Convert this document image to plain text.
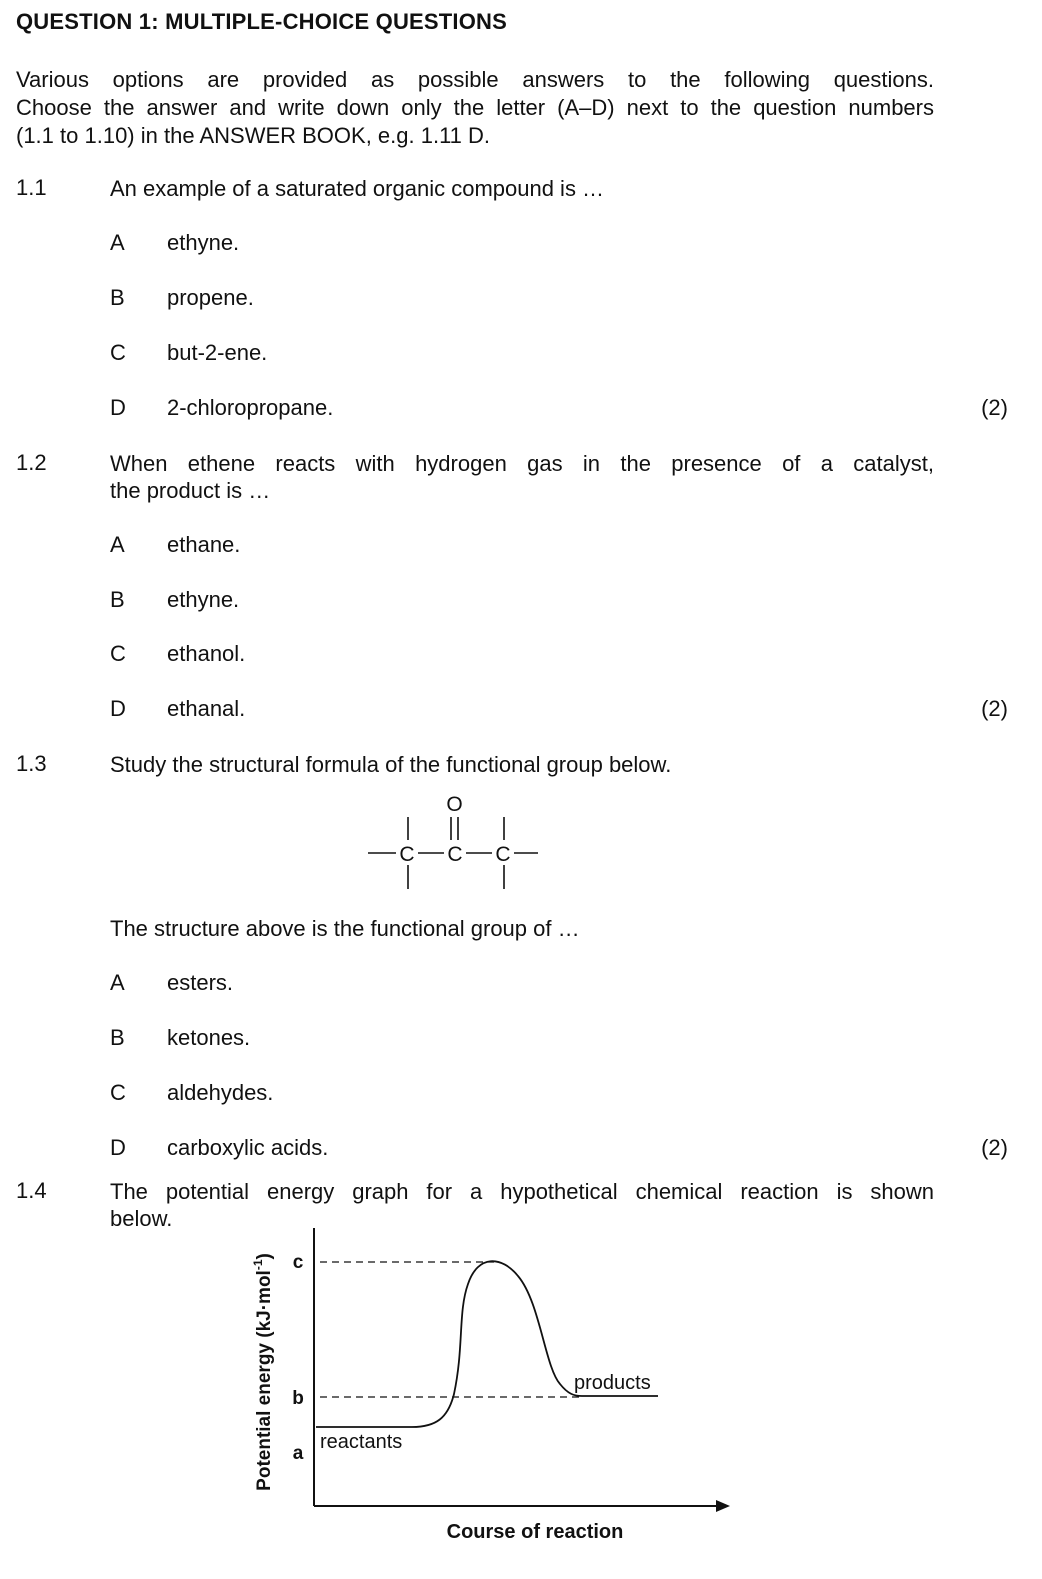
QUESTION 1: MULTIPLE-CHOICE QUESTIONS
Various options are provided as possible answers to the following questions.
Choose the answer and write down only the letter (A–D) next to the question numbers
(1.1 to 1.10) in the ANSWER BOOK, e.g. 1.11 D.
1.1	An example of a saturated organic compound is …
A ethyne.
B propene.
C but-2-ene.
D 2-chloropropane.	(2)
1.2	When ethene reacts with hydrogen gas in the presence of a catalyst,
the product is …
A ethane.
B ethyne.
C ethanol.
D ethanal.	(2)
1.3	Study the structural formula of the functional group below.
O
C C C
The structure above is the functional group of …
A esters.
B ketones.
C aldehydes.
D carboxylic acids.	(2)
1.4	The potential energy graph for a hypothetical chemical reaction is shown
below.
c
b
a
reactants
products
Potential energy (kJ·mol$^{-1}$)
Course of reaction
